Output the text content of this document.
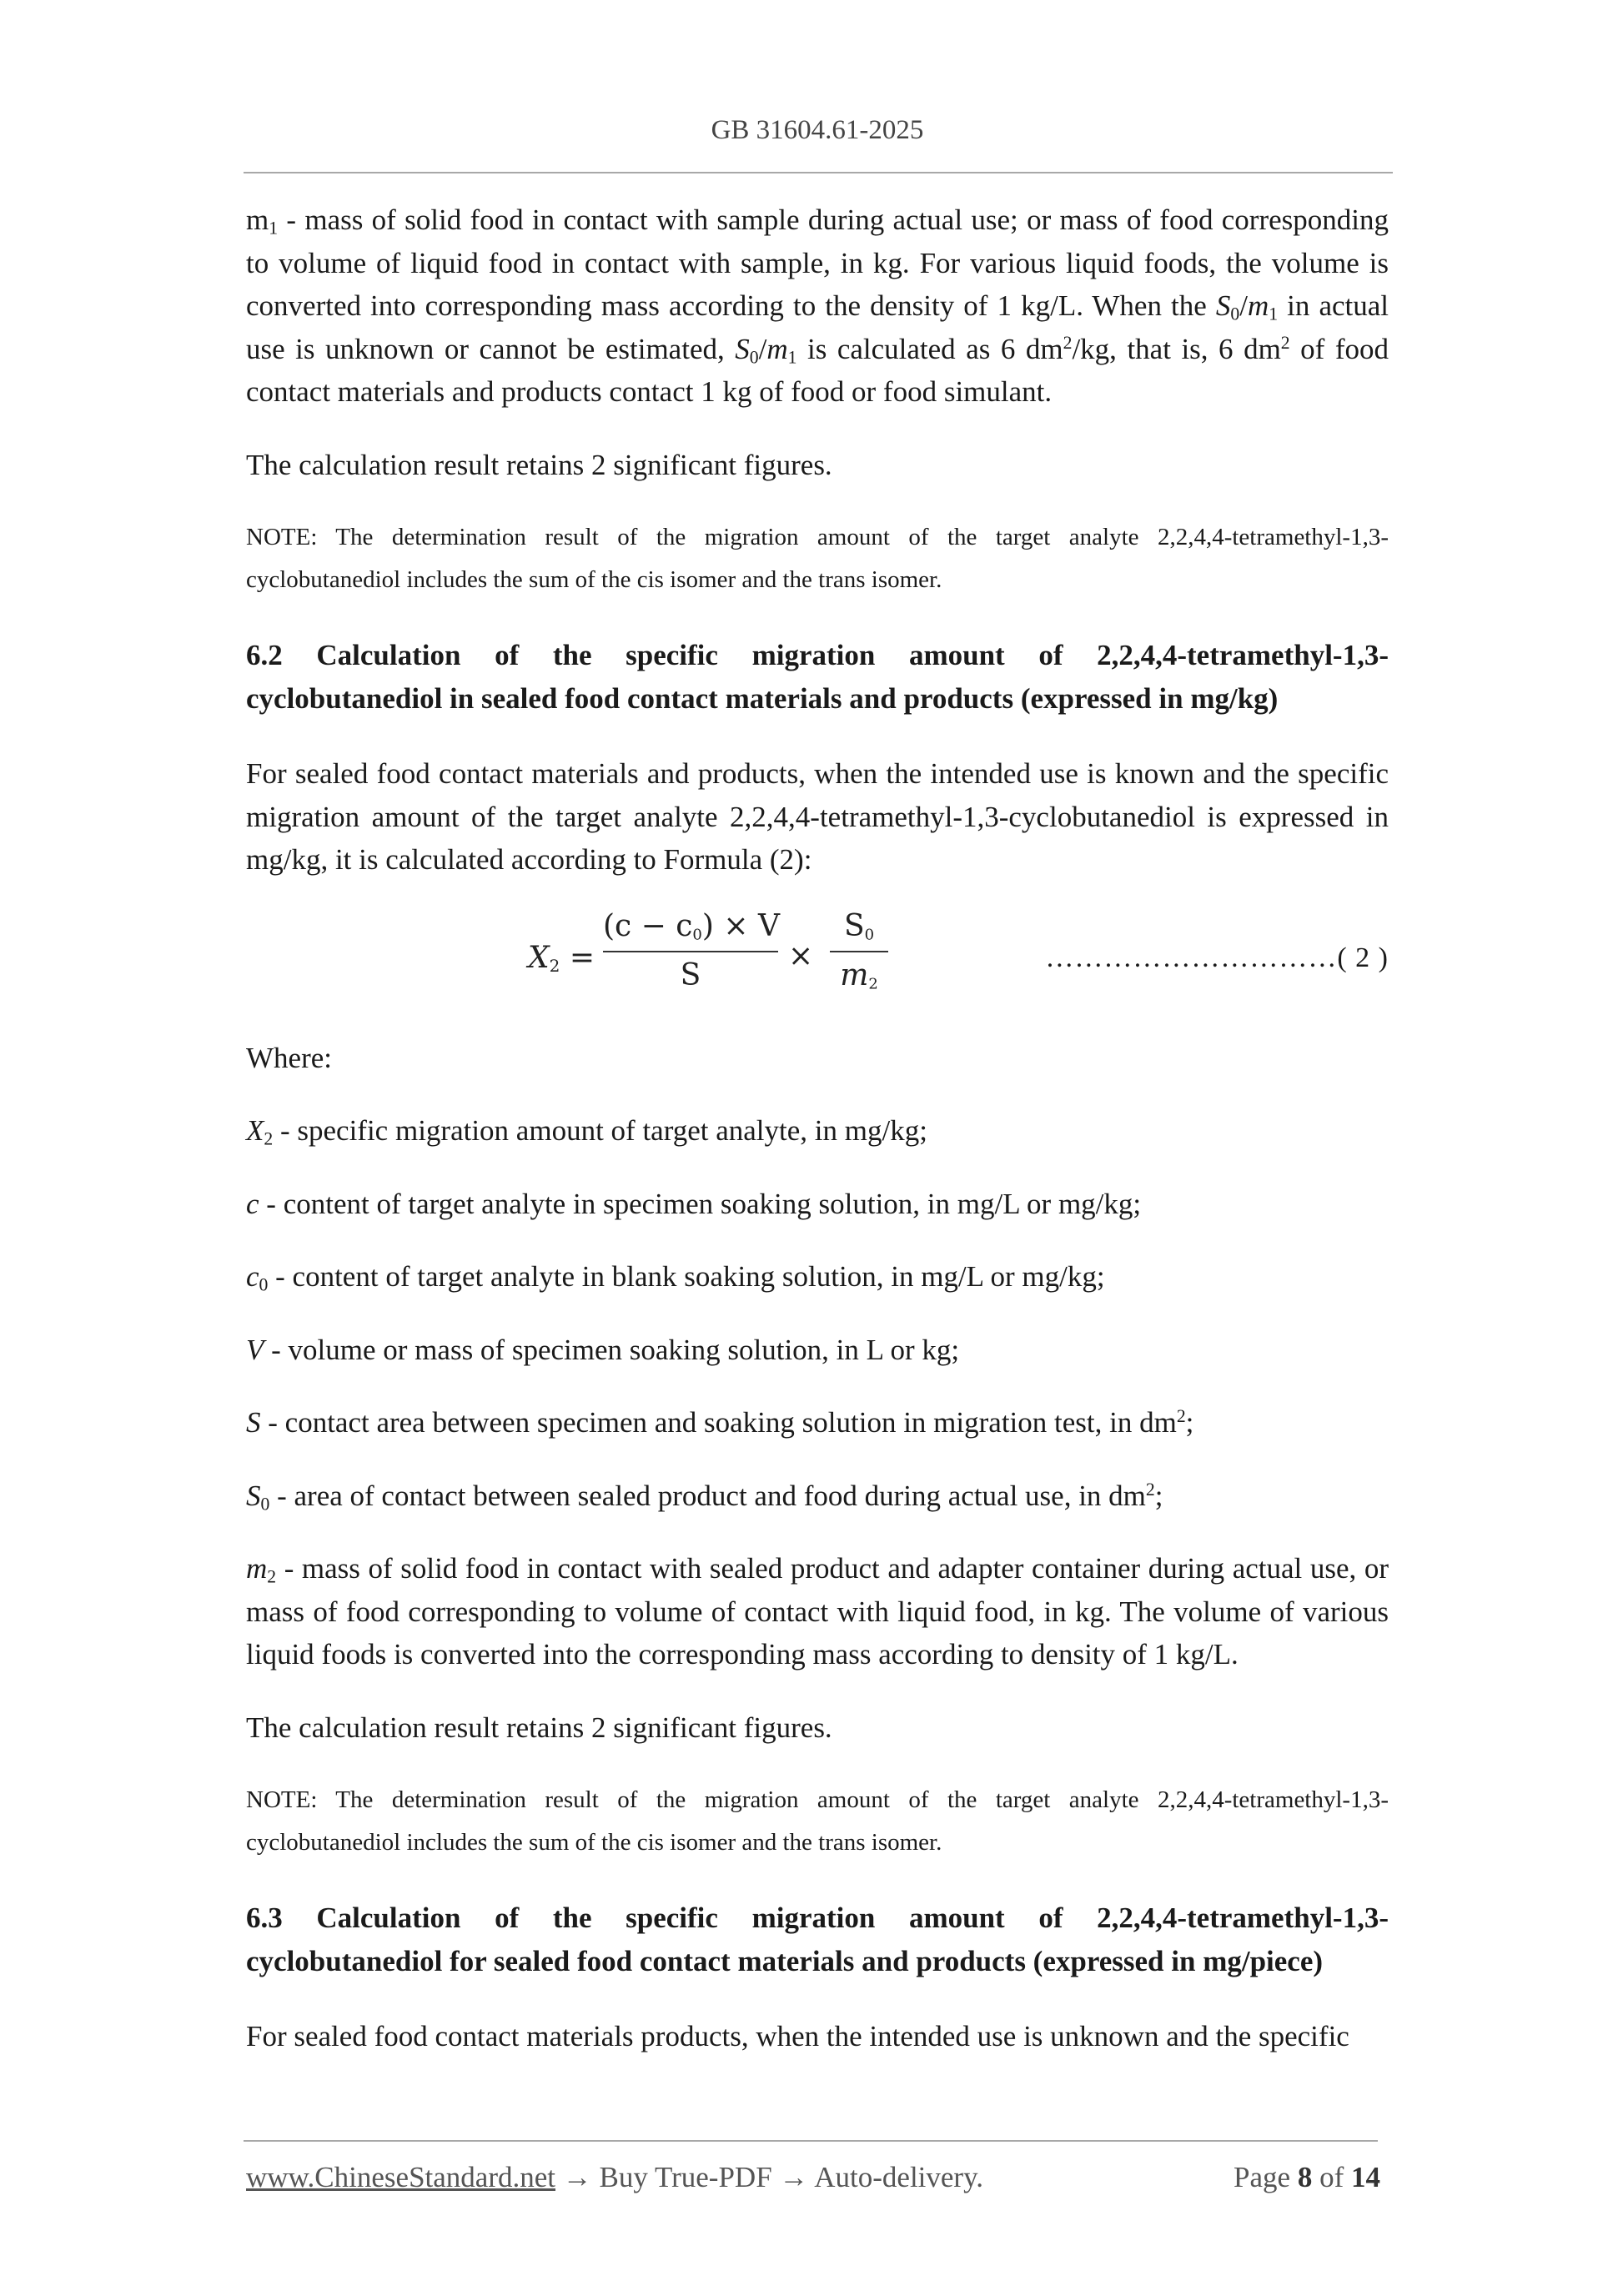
GB 31604.61-2025

$m_1$ - mass of solid food in contact with sample during actual use; or mass of food corresponding to volume of liquid food in contact with sample, in kg. For various liquid foods, the volume is converted into corresponding mass according to the density of 1 kg/L. When the $S_0/m_1$ in actual use is unknown or cannot be estimated, $S_0/m_1$ is calculated as 6 $dm^2/kg$, that is, 6 $dm^2$ of food contact materials and products contact 1 kg of food or food simulant.

The calculation result retains 2 significant figures.

NOTE: The determination result of the migration amount of the target analyte 2,2,4,4-tetramethyl-1,3-cyclobutanediol includes the sum of the cis isomer and the trans isomer.

6.2 Calculation of the specific migration amount of 2,2,4,4-tetramethyl-1,3-
cyclobutanediol in sealed food contact materials and products (expressed in mg/kg)

For sealed food contact materials and products, when the intended use is known and the specific migration amount of the target analyte 2,2,4,4-tetramethyl-1,3-cyclobutanediol is expressed in mg/kg, it is calculated according to Formula (2):

$X_2$ =
$(c - c_0) \times V$
S
×
$S_0$
$m_2$
…………………………( 2 )

Where:

$X_2$ - specific migration amount of target analyte, in mg/kg;

c - content of target analyte in specimen soaking solution, in mg/L or mg/kg;

$c_0$ - content of target analyte in blank soaking solution, in mg/L or mg/kg;

V - volume or mass of specimen soaking solution, in L or kg;

S - contact area between specimen and soaking solution in migration test, in $dm^2$;

$S_0$ - area of contact between sealed product and food during actual use, in $dm^2$;

$m_2$ - mass of solid food in contact with sealed product and adapter container during actual use, or mass of food corresponding to volume of contact with liquid food, in kg. The volume of various liquid foods is converted into the corresponding mass according to density of 1 kg/L.

The calculation result retains 2 significant figures.

NOTE: The determination result of the migration amount of the target analyte 2,2,4,4-tetramethyl-1,3-cyclobutanediol includes the sum of the cis isomer and the trans isomer.

6.3 Calculation of the specific migration amount of 2,2,4,4-tetramethyl-1,3-
cyclobutanediol for sealed food contact materials and products (expressed in mg/piece)

For sealed food contact materials products, when the intended use is unknown and the specific

www.ChineseStandard.net → Buy True-PDF → Auto-delivery.	Page 8 of 14
